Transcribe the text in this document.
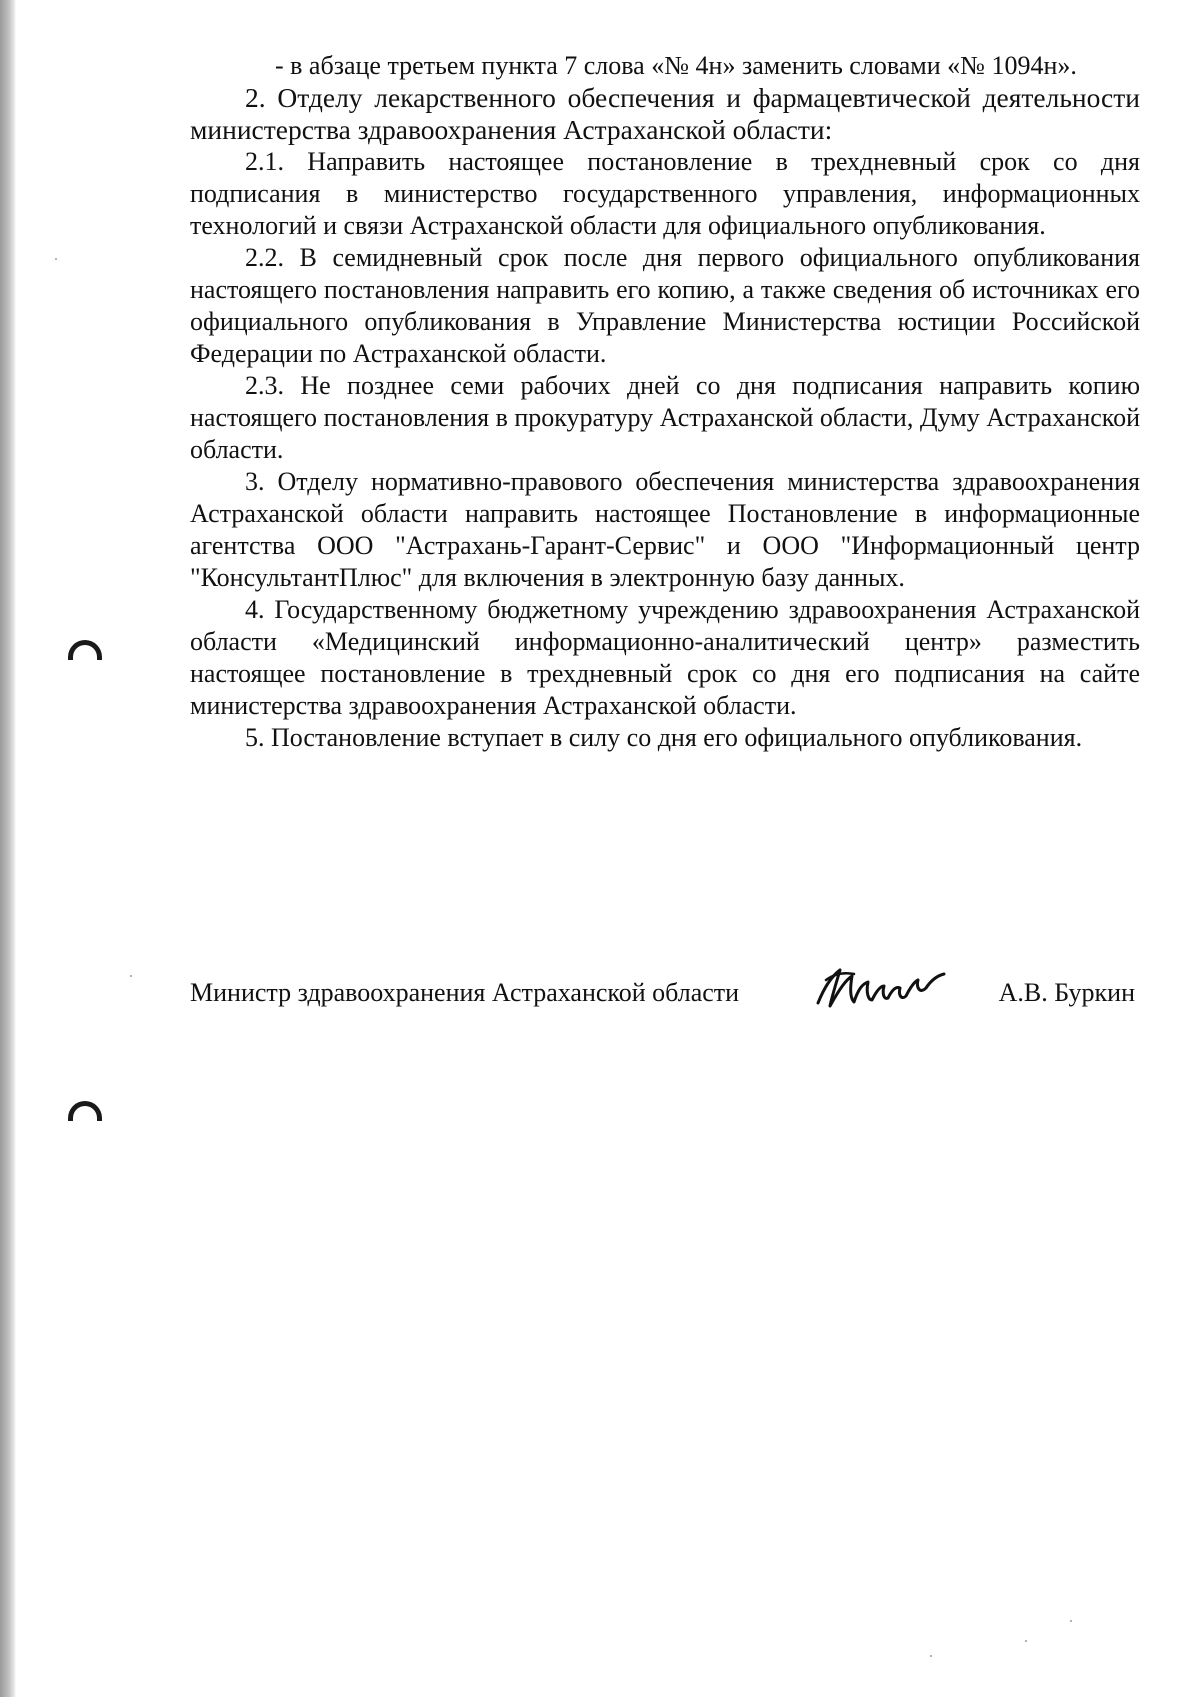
- в абзаце третьем пункта 7 слова «№ 4н» заменить словами «№ 1094н».

2. Отделу лекарственного обеспечения и фармацевтической деятельности министерства здравоохранения Астраханской области:

2.1. Направить настоящее постановление в трехдневный срок со дня подписания в министерство государственного управления, информационных технологий и связи Астраханской области для официального опубликования.

2.2. В семидневный срок после дня первого официального опубликования настоящего постановления направить его копию, а также сведения об источниках его официального опубликования в Управление Министерства юстиции Российской Федерации по Астраханской области.

2.3. Не позднее семи рабочих дней со дня подписания направить копию настоящего постановления в прокуратуру Астраханской области, Думу Астраханской области.

3. Отделу нормативно-правового обеспечения министерства здравоохранения Астраханской области направить настоящее Постановление в информационные агентства ООО "Астрахань-Гарант-Сервис" и ООО "Информационный центр "КонсультантПлюс" для включения в электронную базу данных.

4. Государственному бюджетному учреждению здравоохранения Астраханской области «Медицинский информационно-аналитический центр» разместить настоящее постановление в трехдневный срок со дня его подписания на сайте министерства здравоохранения Астраханской области.

5. Постановление вступает в силу со дня его официального опубликования.

Министр здравоохранения Астраханской области	А.В. Буркин
